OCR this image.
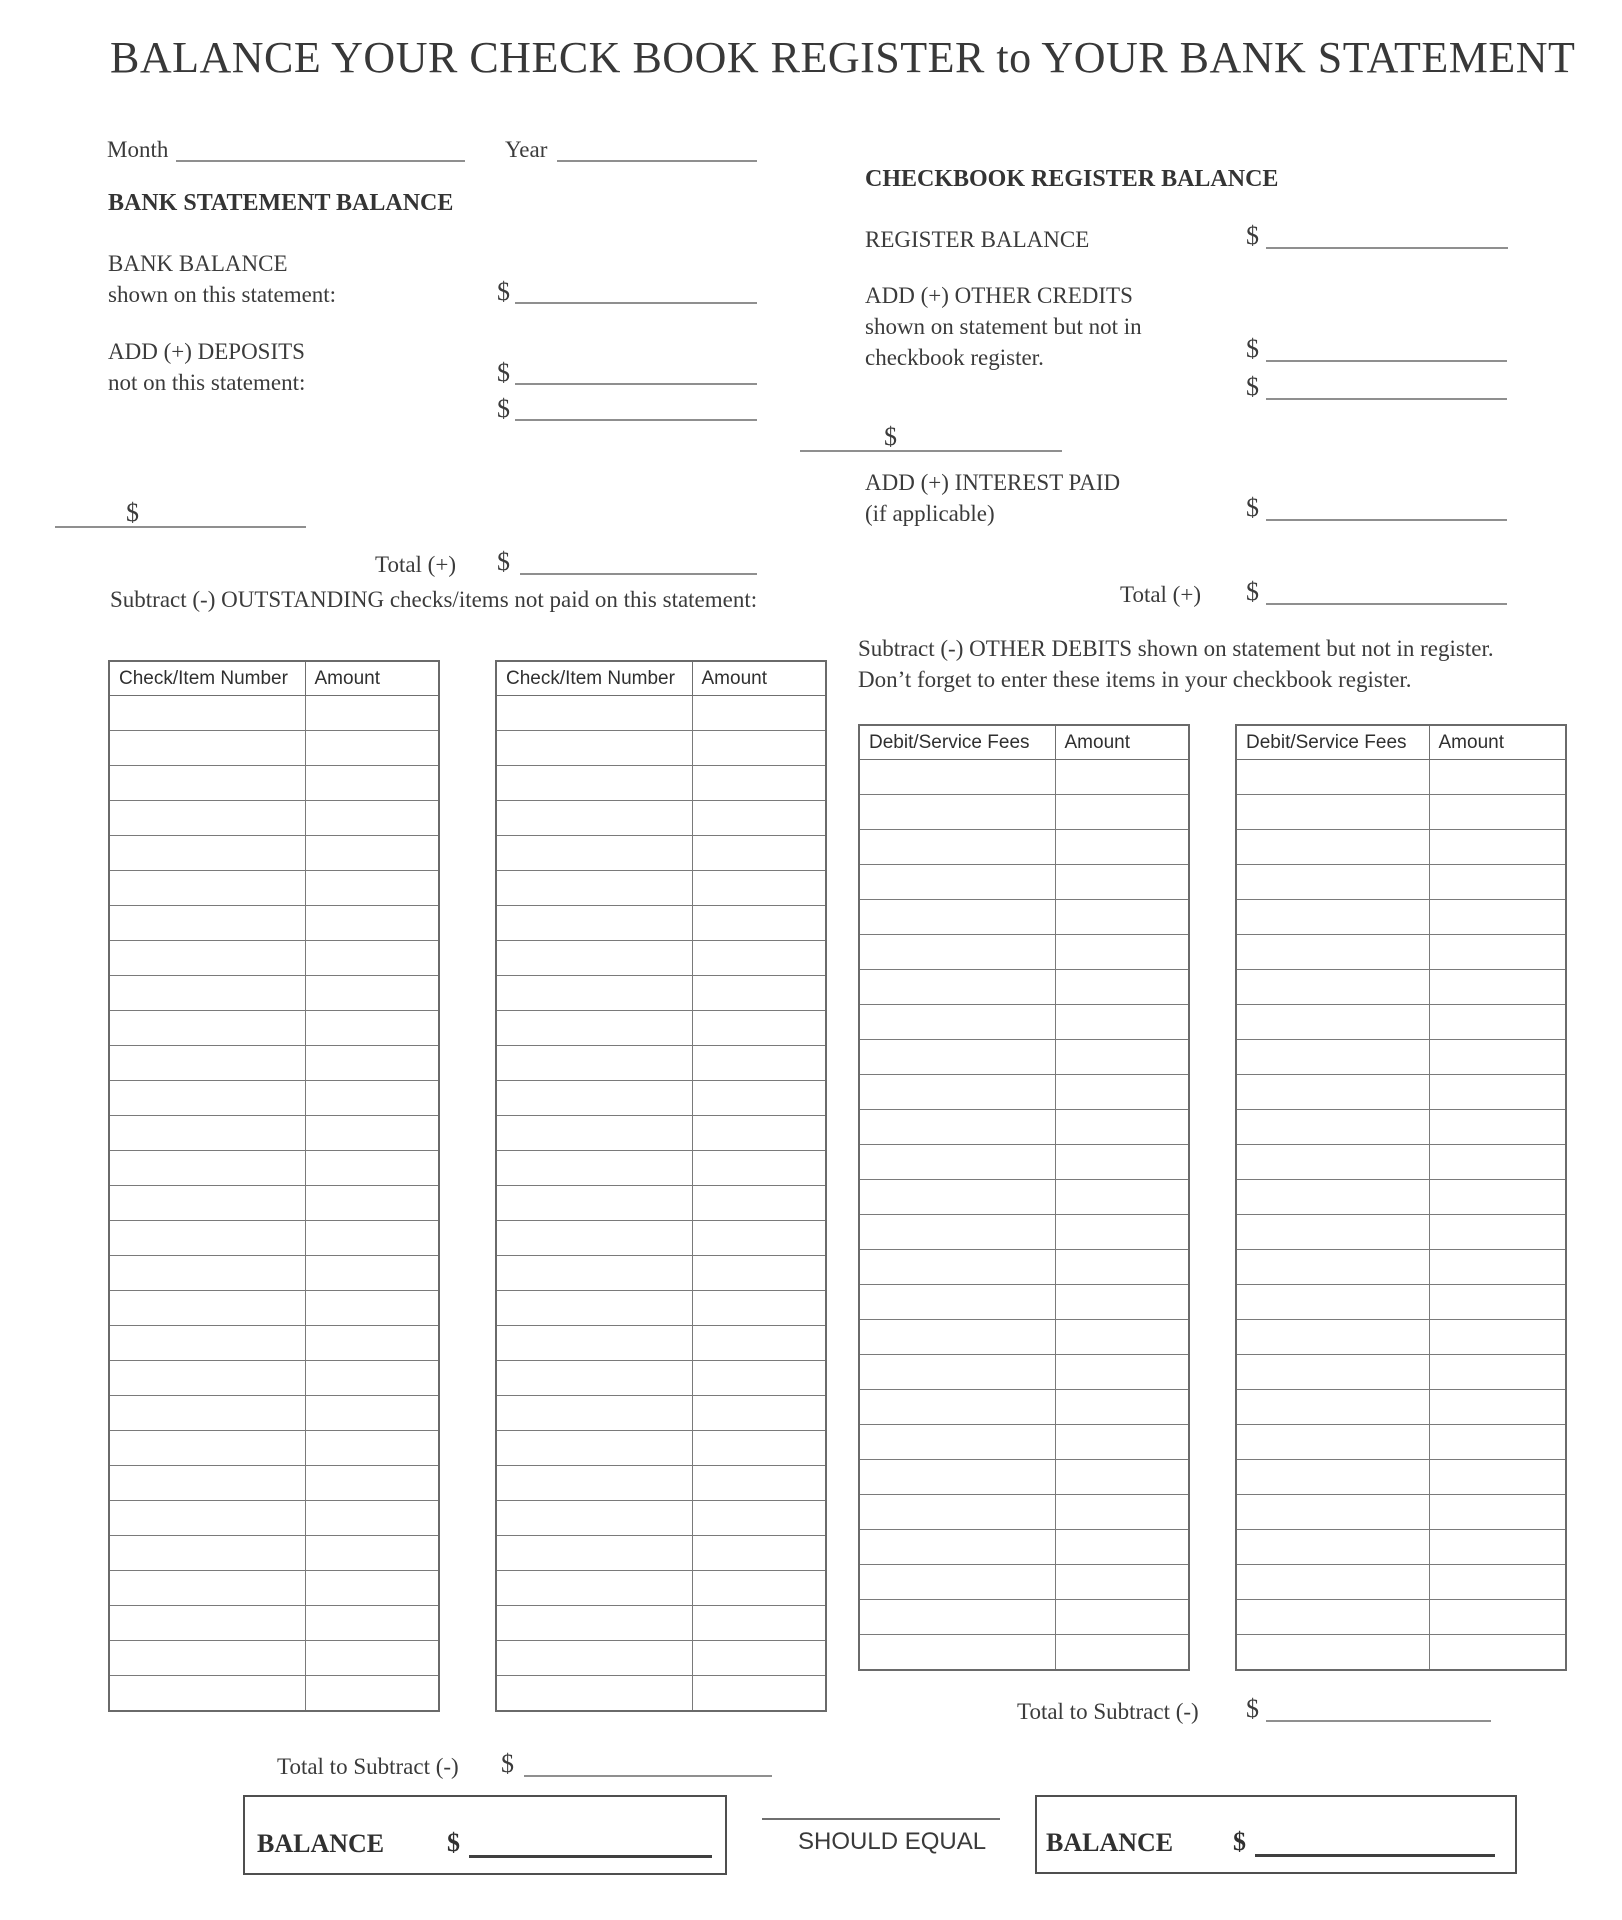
BALANCE YOUR CHECK BOOK REGISTER to YOUR BANK STATEMENT
Month	Year
BANK STATEMENT BALANCE
BANK BALANCE
shown on this statement:	$
ADD (+) DEPOSITS
not on this statement:	$
$
$
Total (+) $
Subtract (-) OUTSTANDING checks/items not paid on this statement:
Check/Item Number	Amount

		Check/Item Number	Amount

Total to Subtract (-) $
BALANCE $	SHOULD EQUAL
CHECKBOOK REGISTER BALANCE
REGISTER BALANCE	$
ADD (+) OTHER CREDITS
shown on statement but not in
checkbook register.	$
$
$
ADD (+) INTEREST PAID
(if applicable)	$
Total (+) $
Subtract (-) OTHER DEBITS shown on statement but not in register.
Don’t forget to enter these items in your checkbook register.
Debit/Service Fees	Amount

		Debit/Service Fees	Amount

Total to Subtract (-) $
BALANCE $
